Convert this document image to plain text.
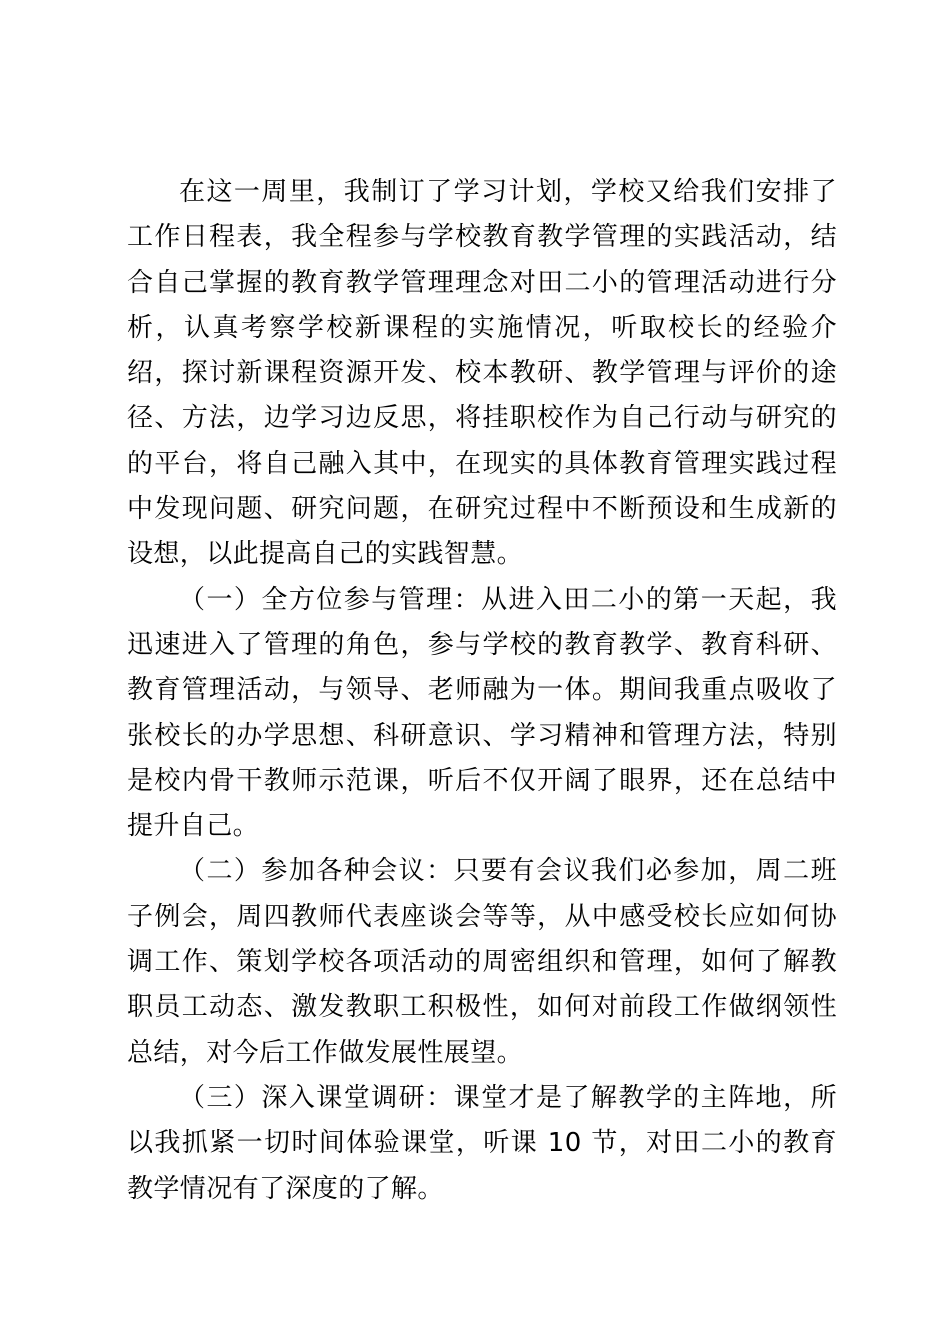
在这一周里，我制订了学习计划，学校又给我们安排了工作日程表，我全程参与学校教育教学管理的实践活动，结合自己掌握的教育教学管理理念对田二小的管理活动进行分析，认真考察学校新课程的实施情况，听取校长的经验介绍，探讨新课程资源开发、校本教研、教学管理与评价的途径、方法，边学习边反思，将挂职校作为自己行动与研究的的平台，将自己融入其中，在现实的具体教育管理实践过程中发现问题、研究问题，在研究过程中不断预设和生成新的设想，以此提高自己的实践智慧。

（一）全方位参与管理：从进入田二小的第一天起，我迅速进入了管理的角色，参与学校的教育教学、教育科研、教育管理活动，与领导、老师融为一体。期间我重点吸收了张校长的办学思想、科研意识、学习精神和管理方法，特别是校内骨干教师示范课，听后不仅开阔了眼界，还在总结中提升自己。

（二）参加各种会议：只要有会议我们必参加，周二班子例会，周四教师代表座谈会等等，从中感受校长应如何协调工作、策划学校各项活动的周密组织和管理，如何了解教职员工动态、激发教职工积极性，如何对前段工作做纲领性总结，对今后工作做发展性展望。

（三）深入课堂调研：课堂才是了解教学的主阵地，所以我抓紧一切时间体验课堂，听课 10 节，对田二小的教育教学情况有了深度的了解。
